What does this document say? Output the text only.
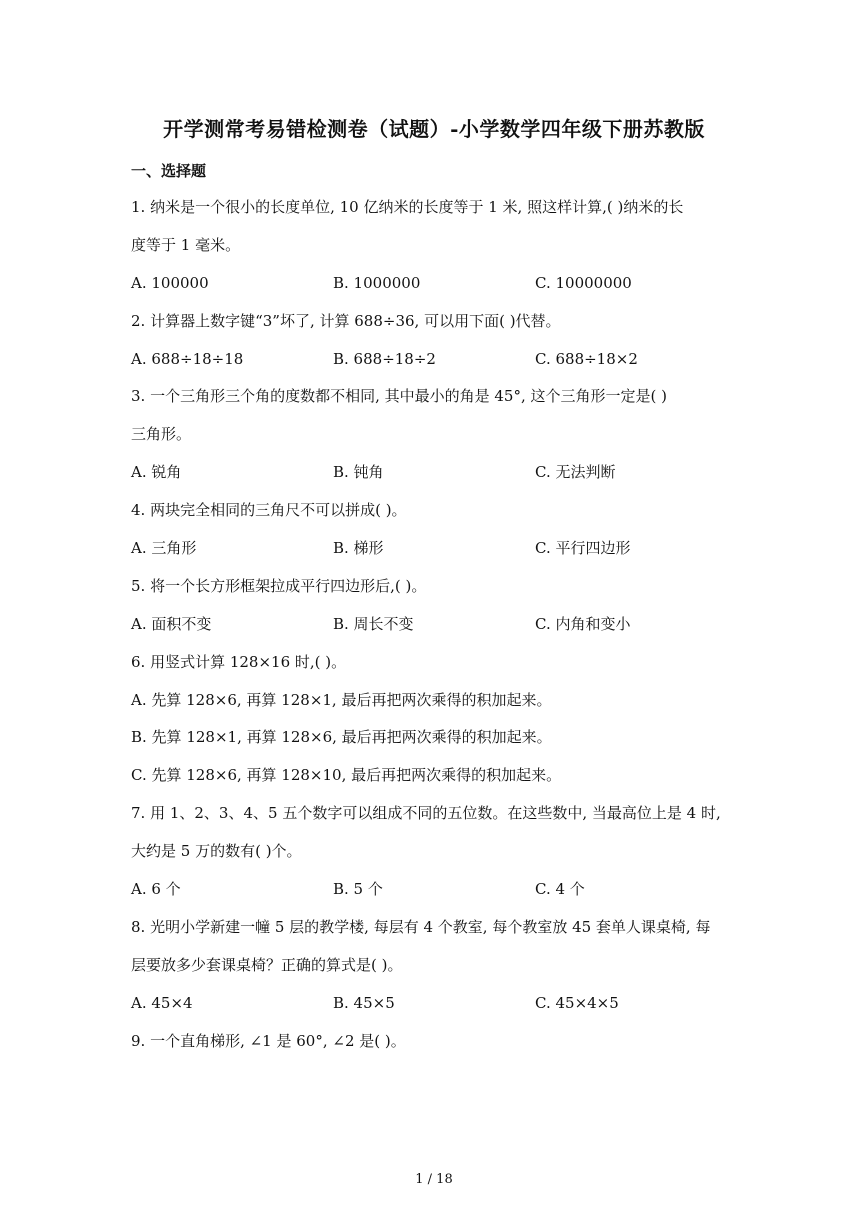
开学测常考易错检测卷（试题）-小学数学四年级下册苏教版
一、选择题
1. 纳米是一个很小的长度单位, 10 亿纳米的长度等于 1 米, 照这样计算,( )纳米的长
度等于 1 毫米。
A. 100000	B. 1000000	C. 10000000
2. 计算器上数字键“3”坏了, 计算 688÷36, 可以用下面( )代替。
A. 688÷18÷18	B. 688÷18÷2	C. 688÷18×2
3. 一个三角形三个角的度数都不相同, 其中最小的角是 45°, 这个三角形一定是( )
三角形。
A. 锐角	B. 钝角	C. 无法判断
4. 两块完全相同的三角尺不可以拼成( )。
A. 三角形	B. 梯形	C. 平行四边形
5. 将一个长方形框架拉成平行四边形后,( )。
A. 面积不变	B. 周长不变	C. 内角和变小
6. 用竖式计算 128×16 时,( )。
A. 先算 128×6, 再算 128×1, 最后再把两次乘得的积加起来。
B. 先算 128×1, 再算 128×6, 最后再把两次乘得的积加起来。
C. 先算 128×6, 再算 128×10, 最后再把两次乘得的积加起来。
7. 用 1、2、3、4、5 五个数字可以组成不同的五位数。在这些数中, 当最高位上是 4 时,
大约是 5 万的数有( )个。
A. 6 个	B. 5 个	C. 4 个
8. 光明小学新建一幢 5 层的教学楼, 每层有 4 个教室, 每个教室放 45 套单人课桌椅, 每
层要放多少套课桌椅？正确的算式是( )。
A. 45×4	B. 45×5	C. 45×4×5
9. 一个直角梯形, ∠1 是 60°, ∠2 是( )。
1 / 18
